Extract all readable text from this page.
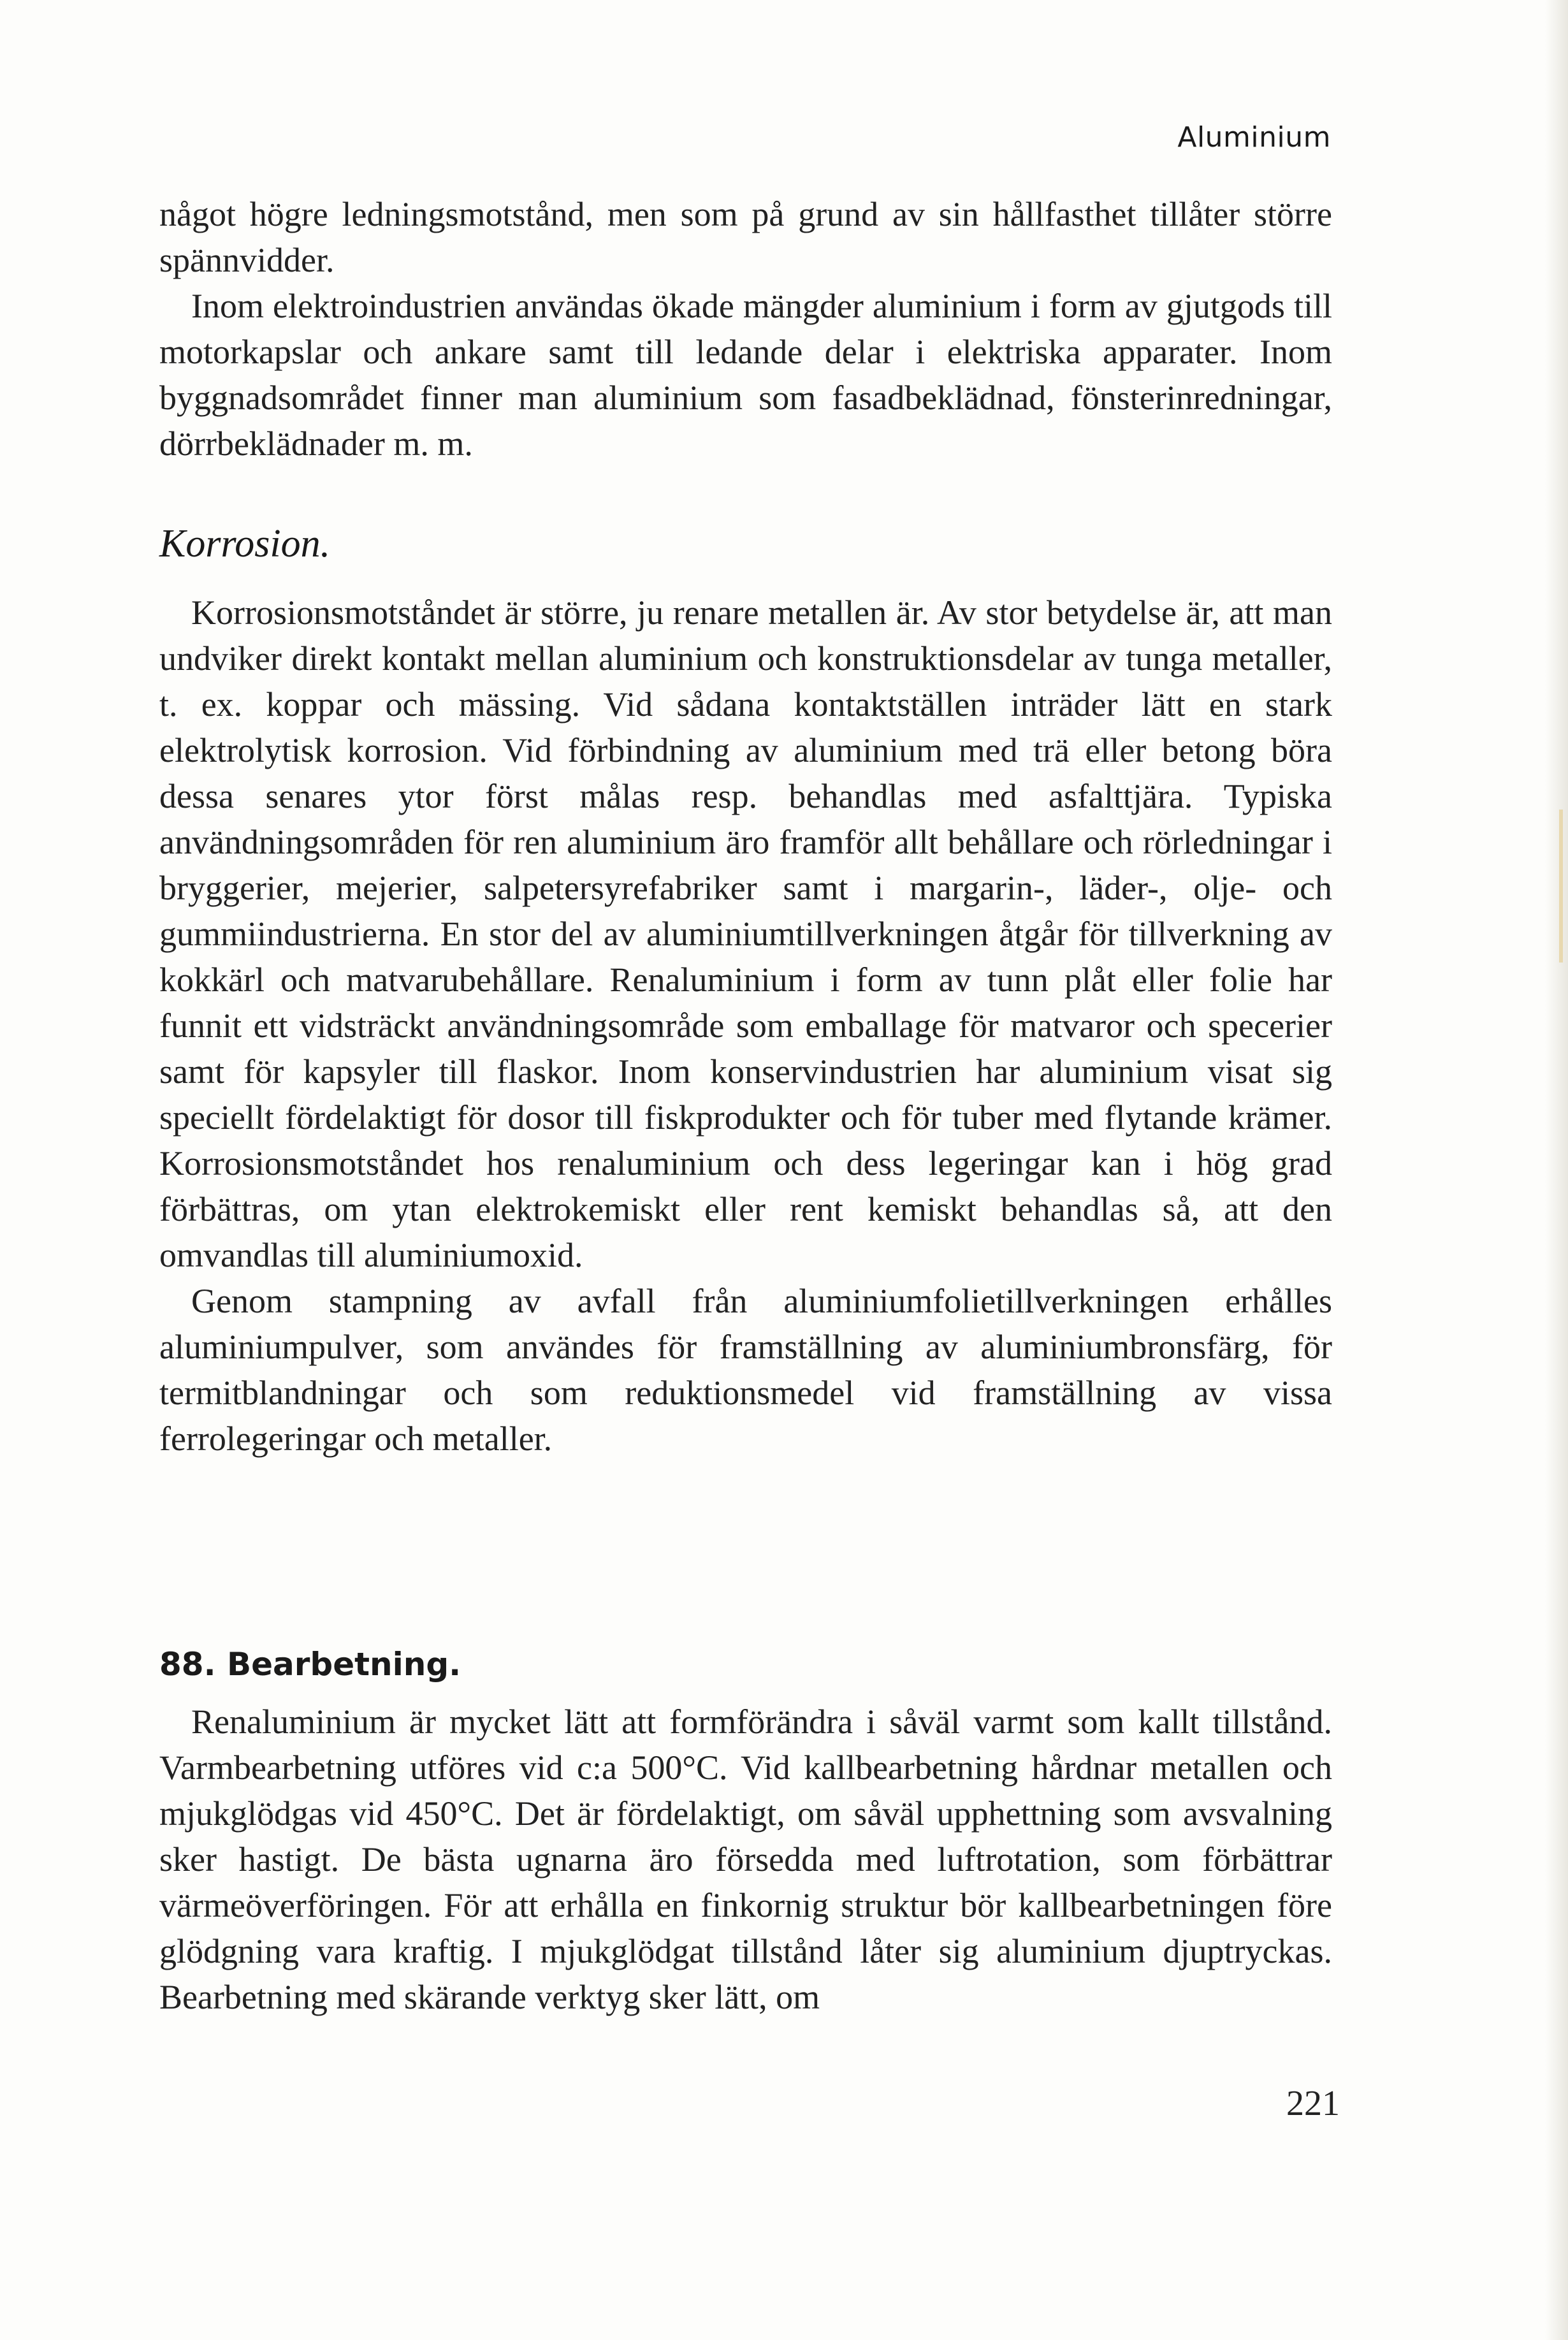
Aluminium

något högre ledningsmotstånd, men som på grund av sin hållfasthet tillåter större spännvidder.

Inom elektroindustrien användas ökade mängder aluminium i form av gjutgods till motorkapslar och ankare samt till ledande delar i elektriska apparater. Inom byggnadsområdet finner man aluminium som fasadbeklädnad, fönsterinredningar, dörrbeklädnader m. m.

Korrosion.

Korrosionsmotståndet är större, ju renare metallen är. Av stor betydelse är, att man undviker direkt kontakt mellan aluminium och konstruktionsdelar av tunga metaller, t. ex. koppar och mässing. Vid sådana kontaktställen inträder lätt en stark elektrolytisk korrosion. Vid förbindning av aluminium med trä eller betong böra dessa senares ytor först målas resp. behandlas med asfalttjära. Typiska användningsområden för ren aluminium äro framför allt behållare och rörledningar i bryggerier, mejerier, salpetersyrefabriker samt i margarin-, läder-, olje- och gummiindustrierna. En stor del av aluminiumtillverkningen åtgår för tillverkning av kokkärl och matvarubehållare. Renaluminium i form av tunn plåt eller folie har funnit ett vidsträckt användningsområde som emballage för matvaror och specerier samt för kapsyler till flaskor. Inom konservindustrien har aluminium visat sig speciellt fördelaktigt för dosor till fiskprodukter och för tuber med flytande krämer. Korrosionsmotståndet hos renaluminium och dess legeringar kan i hög grad förbättras, om ytan elektrokemiskt eller rent kemiskt behandlas så, att den omvandlas till aluminiumoxid.

Genom stampning av avfall från aluminiumfolietillverkningen erhålles aluminiumpulver, som användes för framställning av aluminiumbronsfärg, för termitblandningar och som reduktionsmedel vid framställning av vissa ferrolegeringar och metaller.

88. Bearbetning.

Renaluminium är mycket lätt att formförändra i såväl varmt som kallt tillstånd. Varmbearbetning utföres vid c:a 500°C. Vid kallbearbetning hårdnar metallen och mjukglödgas vid 450°C. Det är fördelaktigt, om såväl upphettning som avsvalning sker hastigt. De bästa ugnarna äro försedda med luftrotation, som förbättrar värmeöverföringen. För att erhålla en finkornig struktur bör kallbearbetningen före glödgning vara kraftig. I mjukglödgat tillstånd låter sig aluminium djuptryckas. Bearbetning med skärande verktyg sker lätt, om

221
